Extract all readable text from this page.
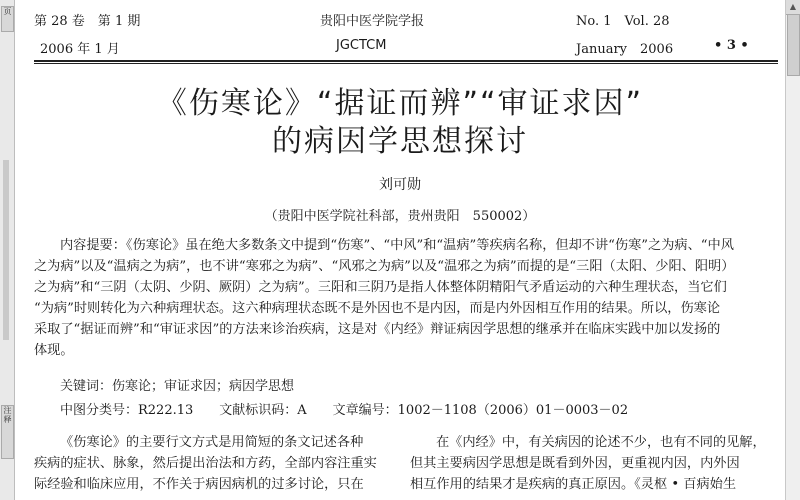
页
注释
第 28 卷　第 1 期	贵阳中医学院学报	No. 1　Vol. 28
2006 年 1 月	JGCTCM	January　2006	• 3 •
《伤寒论》“据证而辨”“审证求因”
的病因学思想探讨
刘可勋
（贵阳中医学院社科部，贵州贵阳　550002）
内容提要：《伤寒论》虽在绝大多数条文中提到“伤寒”、“中风”和“温病”等疾病名称，但却不讲“伤寒”之为病、“中风
之为病”以及“温病之为病”，也不讲“寒邪之为病”、“风邪之为病”以及“温邪之为病”而提的是“三阳（太阳、少阳、阳明）
之为病”和“三阴（太阴、少阴、厥阴）之为病”。三阳和三阴乃是指人体整体阴精阳气矛盾运动的六种生理状态，当它们
“为病”时则转化为六种病理状态。这六种病理状态既不是外因也不是内因，而是内外因相互作用的结果。所以，伤寒论
采取了“据证而辨”和“审证求因”的方法来诊治疾病，这是对《内经》辩证病因学思想的继承并在临床实践中加以发扬的
体现。
关键词：伤寒论；审证求因；病因学思想
中图分类号：R222.13　　文献标识码：A　　文章编号：1002－1108（2006）01－0003－02
《伤寒论》的主要行文方式是用简短的条文记述各种
疾病的症状、脉象，然后提出治法和方药，全部内容注重实
际经验和临床应用，不作关于病因病机的过多讨论，只在
在《内经》中，有关病因的论述不少，也有不同的见解，
但其主要病因学思想是既看到外因，更重视内因，内外因
相互作用的结果才是疾病的真正原因。《灵枢 • 百病始生
▲
